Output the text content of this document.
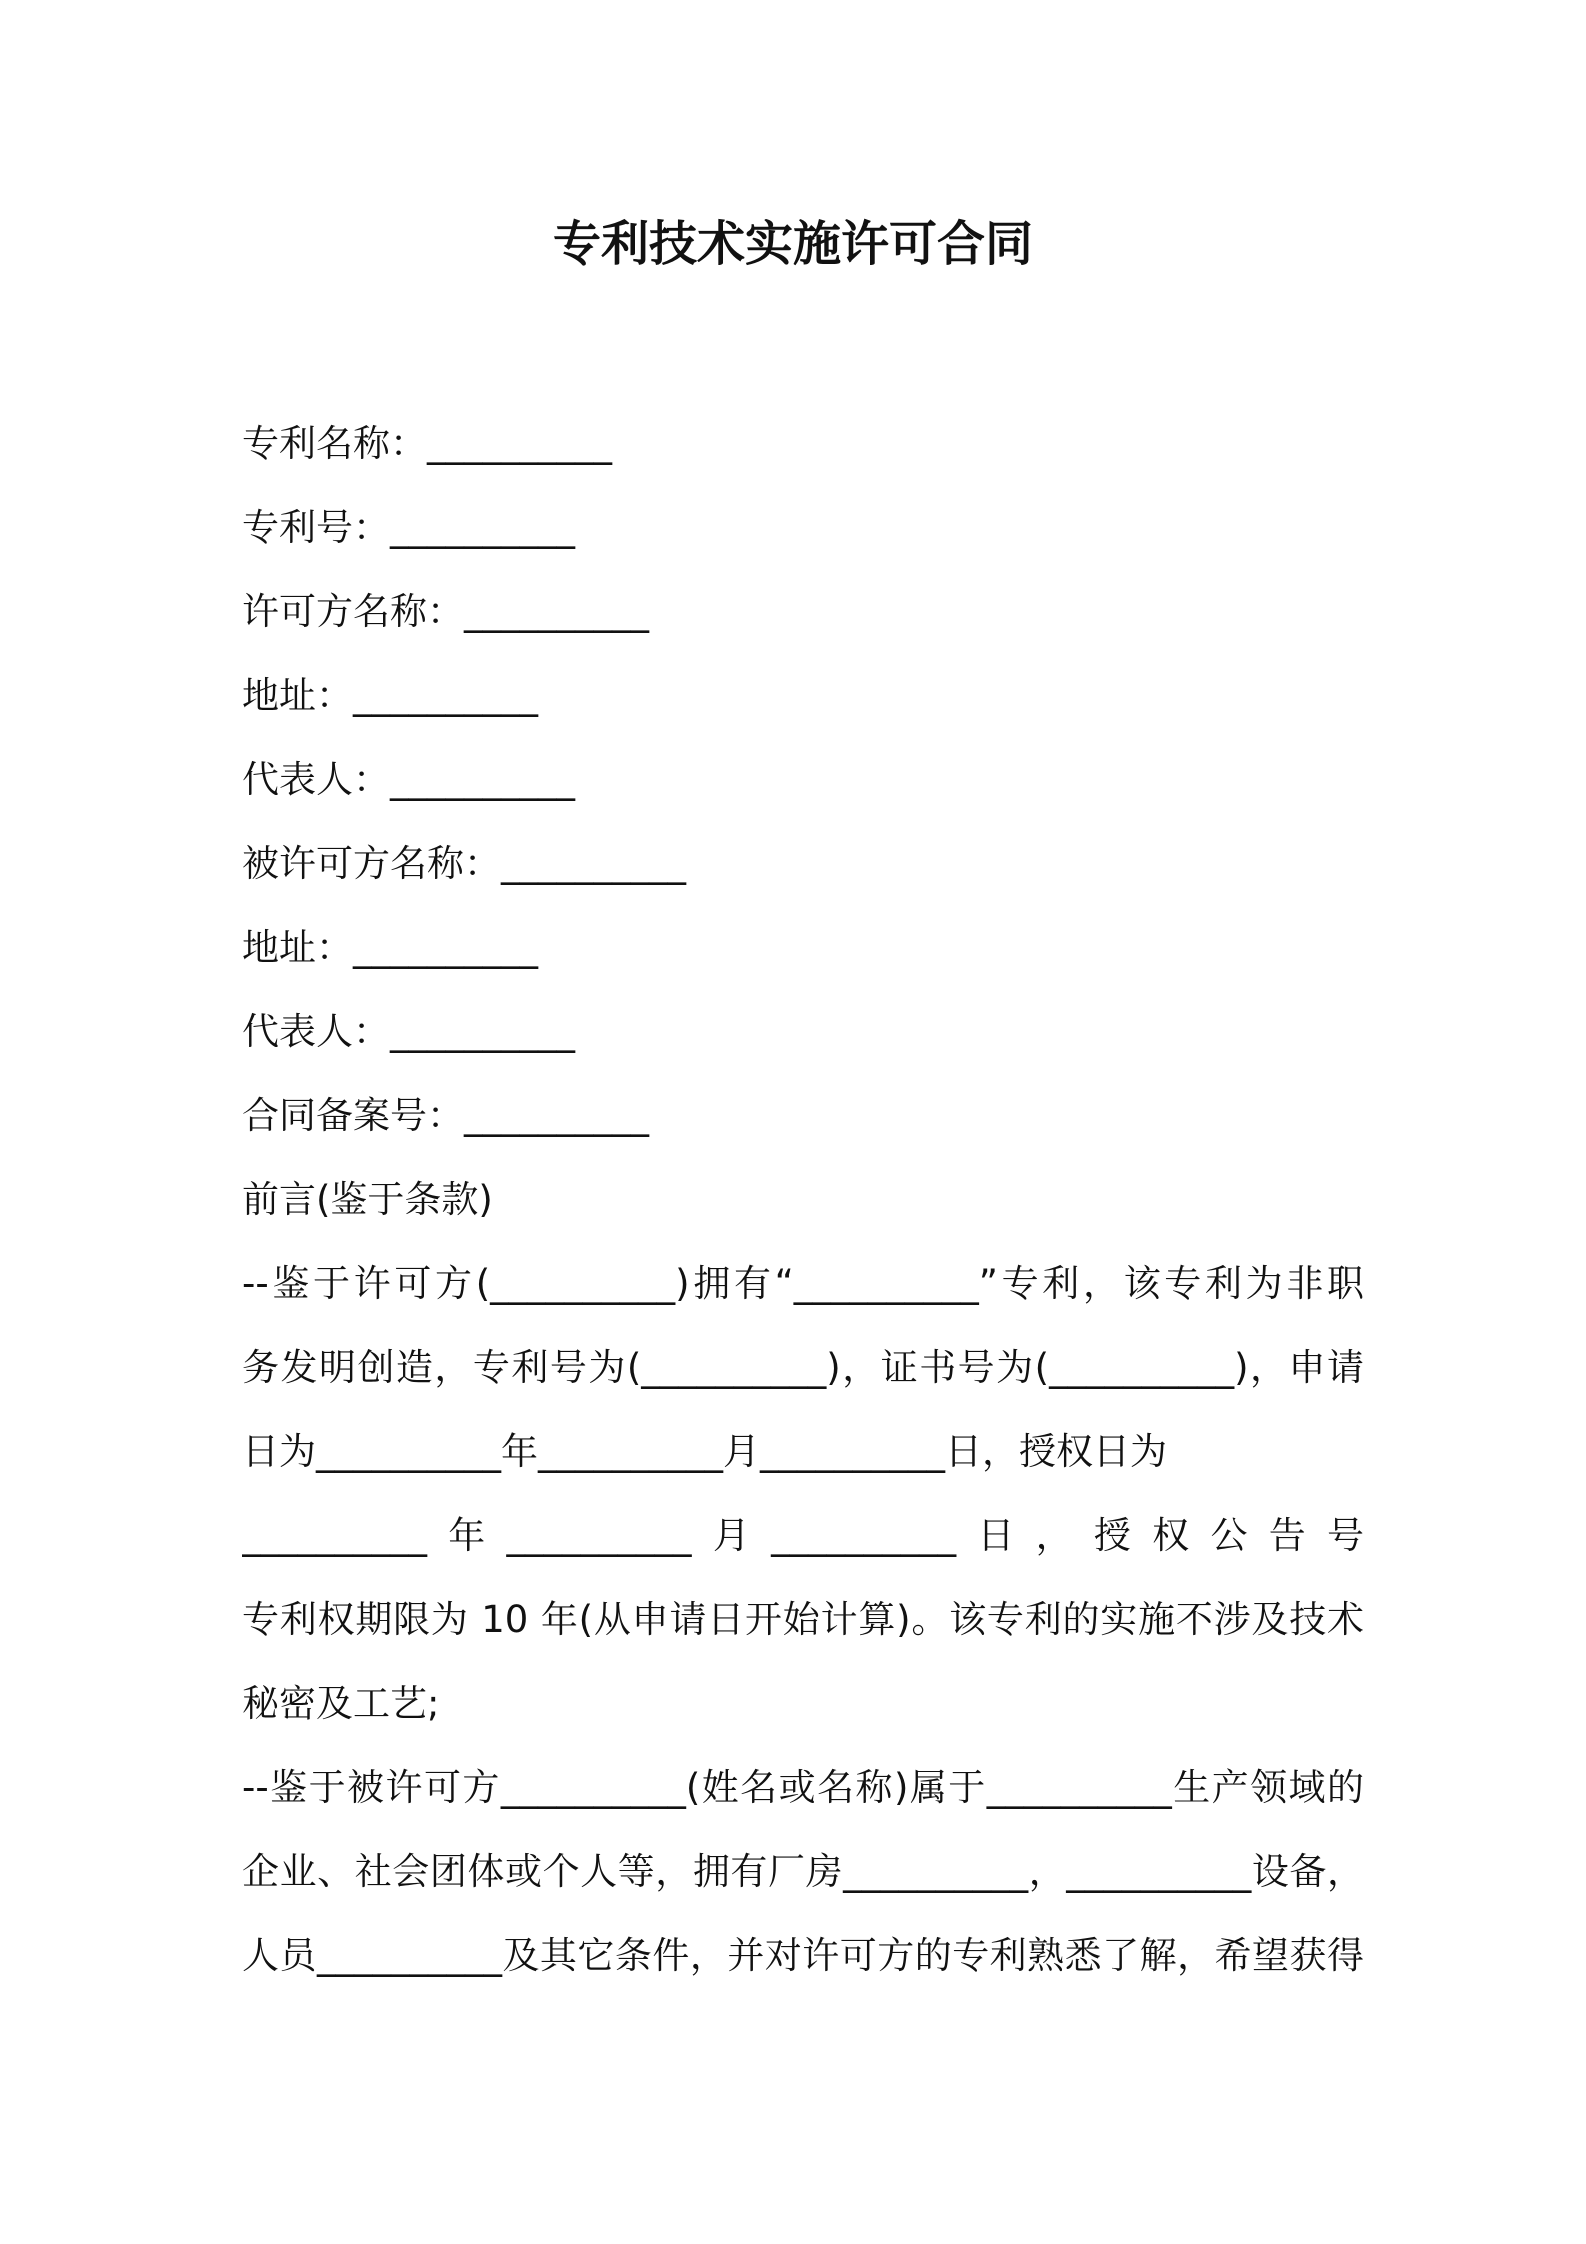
专利技术实施许可合同
专利名称：__________
专利号：__________
许可方名称：__________
地址：__________
代表人：__________
被许可方名称：__________
地址：__________
代表人：__________
合同备案号：__________
前言(鉴于条款)
--鉴于许可方(__________)拥有“__________”专利，该专利为非职
务发明创造，专利号为(__________)，证书号为(__________)，申请
日为__________年__________月__________日，授权日为
__________年__________月__________日，授权公告号
专利权期限为 10 年(从申请日开始计算)。该专利的实施不涉及技术
秘密及工艺;
--鉴于被许可方__________(姓名或名称)属于__________生产领域的
企业、社会团体或个人等，拥有厂房__________，__________设备，
人员__________及其它条件，并对许可方的专利熟悉了解，希望获得
